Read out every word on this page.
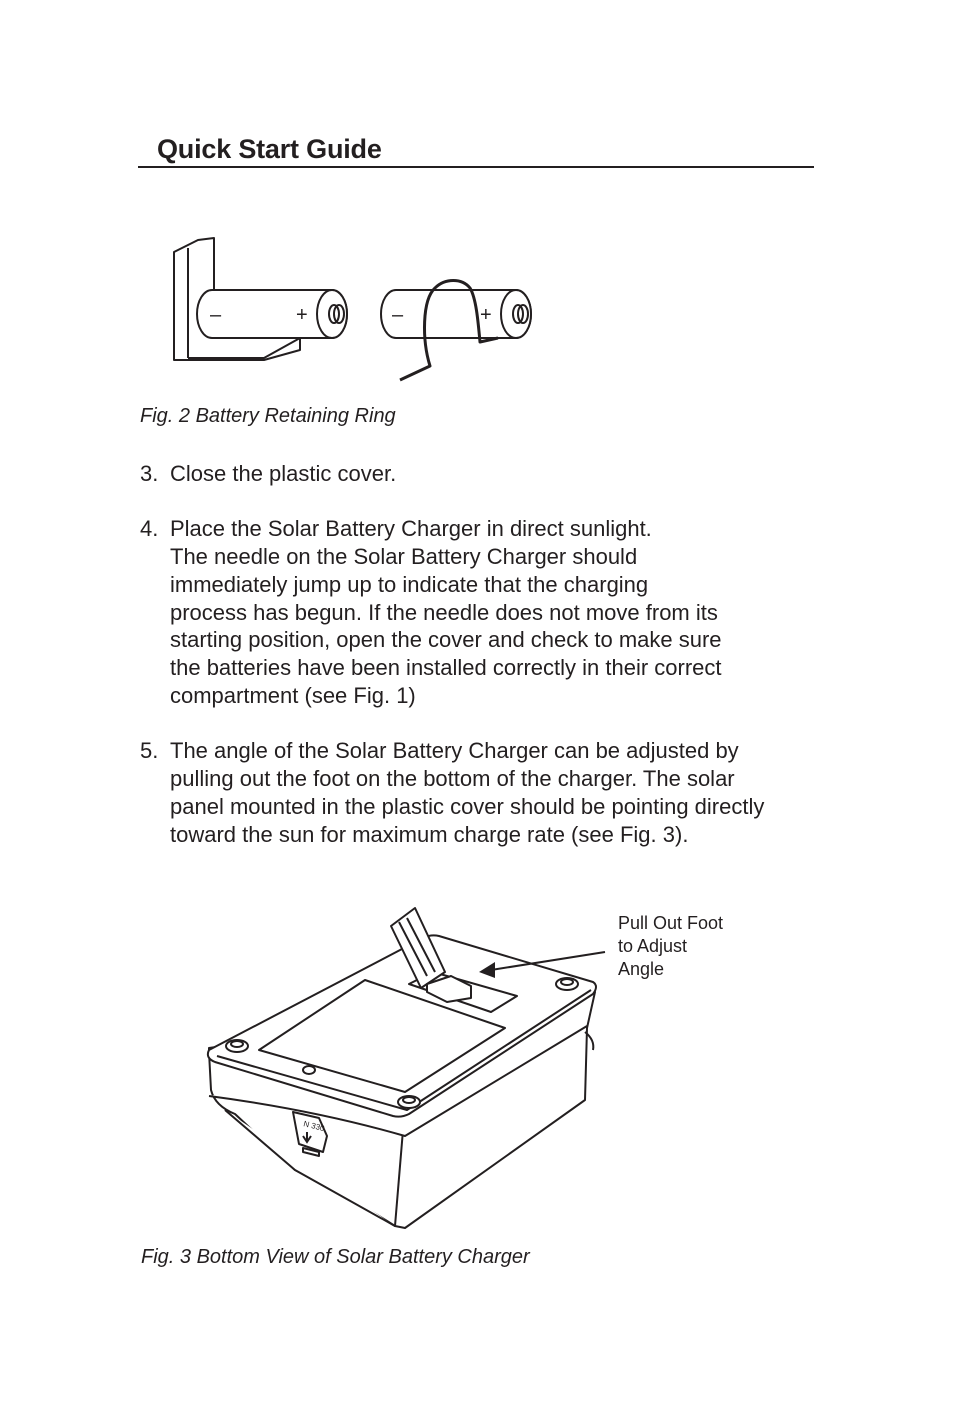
Quick Start Guide
–	+	–	+

Fig. 2 Battery Retaining Ring

3. Close the plastic cover.
4. Place the Solar Battery Charger in direct sunlight.
The needle on the Solar Battery Charger should
immediately jump up to indicate that the charging
process has begun. If the needle does not move from its
starting position, open the cover and check to make sure
the batteries have been installed correctly in their correct
compartment (see Fig. 1)
5. The angle of the Solar Battery Charger can be adjusted by
pulling out the foot on the bottom of the charger. The solar
panel mounted in the plastic cover should be pointing directly
toward the sun for maximum charge rate (see Fig. 3).
N 330

Pull Out Foot
to Adjust
Angle

Fig. 3 Bottom View of Solar Battery Charger
